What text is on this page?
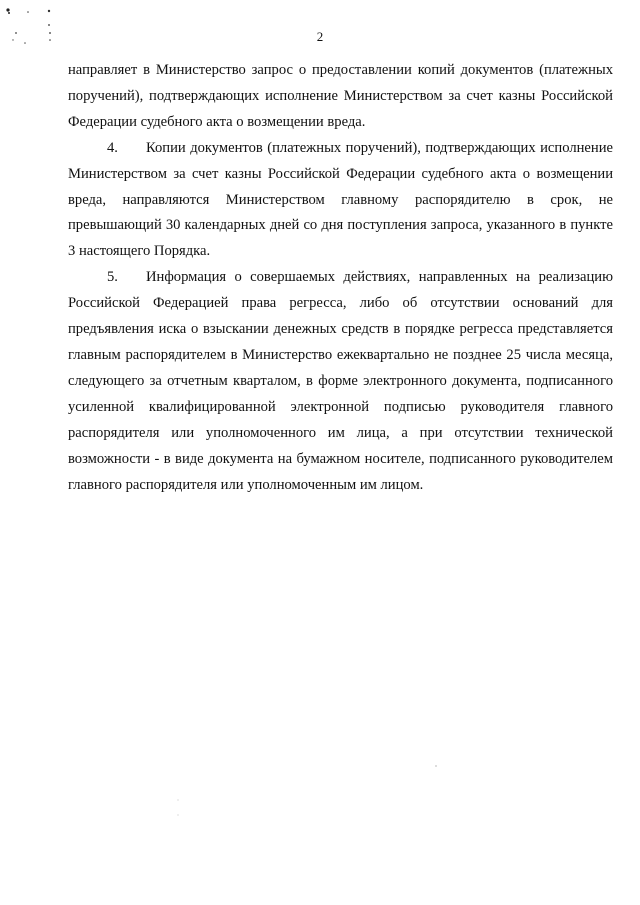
2

направляет в Министерство запрос о предоставлении копий документов (платежных поручений), подтверждающих исполнение Министерством за счет казны Российской Федерации судебного акта о возмещении вреда.

4. Копии документов (платежных поручений), подтверждающих исполнение Министерством за счет казны Российской Федерации судебного акта о возмещении вреда, направляются Министерством главному распорядителю в срок, не превышающий 30 календарных дней со дня поступления запроса, указанного в пункте 3 настоящего Порядка.

5. Информация о совершаемых действиях, направленных на реализацию Российской Федерацией права регресса, либо об отсутствии оснований для предъявления иска о взыскании денежных средств в порядке регресса представляется главным распорядителем в Министерство ежеквартально не позднее 25 числа месяца, следующего за отчетным кварталом, в форме электронного документа, подписанного усиленной квалифицированной электронной подписью руководителя главного распорядителя или уполномоченного им лица, а при отсутствии технической возможности - в виде документа на бумажном носителе, подписанного руководителем главного распорядителя или уполномоченным им лицом.
